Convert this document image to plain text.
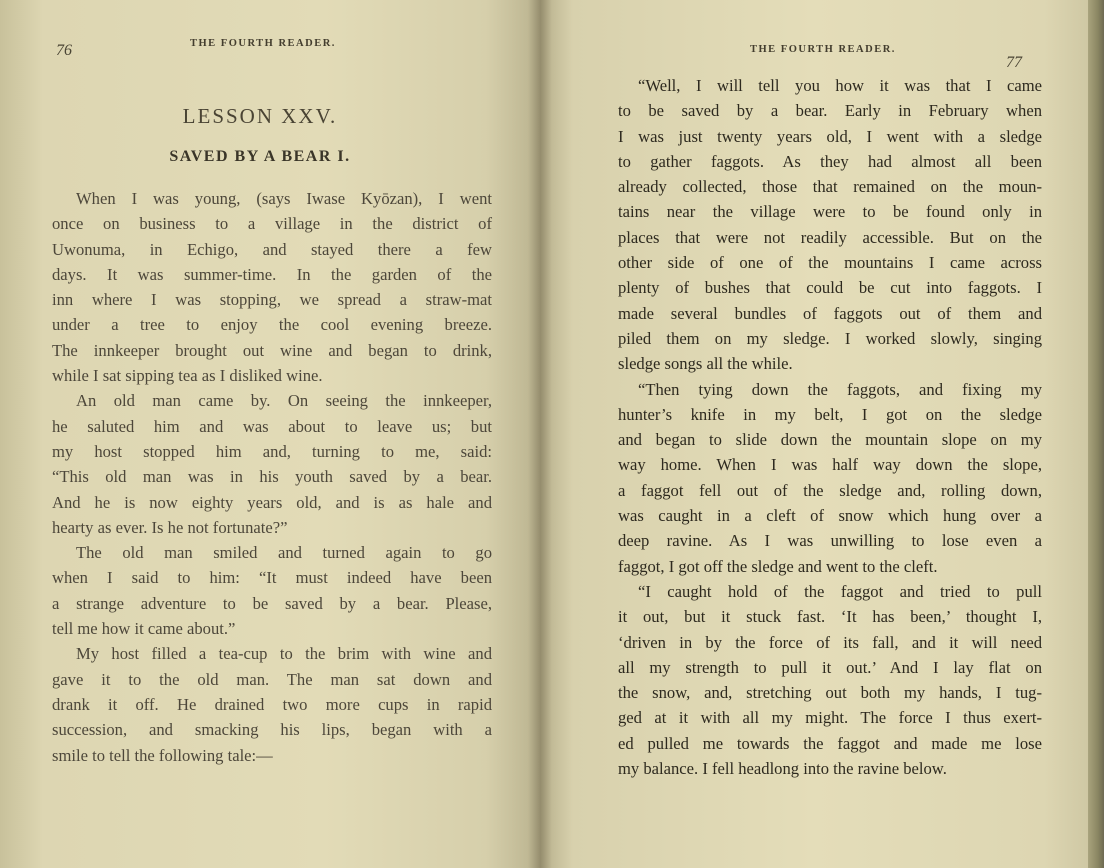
76	THE FOURTH READER.
LESSON XXV.
SAVED BY A BEAR I.

When I was young, (says Iwase Kyōzan), I went
once on business to a village in the district of
Uwonuma, in Echigo, and stayed there a few
days. It was summer-time. In the garden of the
inn where I was stopping, we spread a straw-mat
under a tree to enjoy the cool evening breeze.
The innkeeper brought out wine and began to drink,
while I sat sipping tea as I disliked wine.

An old man came by. On seeing the innkeeper,
he saluted him and was about to leave us; but
my host stopped him and, turning to me, said:
“This old man was in his youth saved by a bear.
And he is now eighty years old, and is as hale and
hearty as ever. Is he not fortunate?”

The old man smiled and turned again to go
when I said to him: “It must indeed have been
a strange adventure to be saved by a bear. Please,
tell me how it came about.”

My host filled a tea-cup to the brim with wine and
gave it to the old man. The man sat down and
drank it off. He drained two more cups in rapid
succession, and smacking his lips, began with a
smile to tell the following tale:—

THE FOURTH READER.
77

“Well, I will tell you how it was that I came
to be saved by a bear. Early in February when
I was just twenty years old, I went with a sledge
to gather faggots. As they had almost all been
already collected, those that remained on the moun-
tains near the village were to be found only in
places that were not readily accessible. But on the
other side of one of the mountains I came across
plenty of bushes that could be cut into faggots. I
made several bundles of faggots out of them and
piled them on my sledge. I worked slowly, singing
sledge songs all the while.

“Then tying down the faggots, and fixing my
hunter’s knife in my belt, I got on the sledge
and began to slide down the mountain slope on my
way home. When I was half way down the slope,
a faggot fell out of the sledge and, rolling down,
was caught in a cleft of snow which hung over a
deep ravine. As I was unwilling to lose even a
faggot, I got off the sledge and went to the cleft.

“I caught hold of the faggot and tried to pull
it out, but it stuck fast. ‘It has been,’ thought I,
‘driven in by the force of its fall, and it will need
all my strength to pull it out.’ And I lay flat on
the snow, and, stretching out both my hands, I tug-
ged at it with all my might. The force I thus exert-
ed pulled me towards the faggot and made me lose
my balance. I fell headlong into the ravine below.
